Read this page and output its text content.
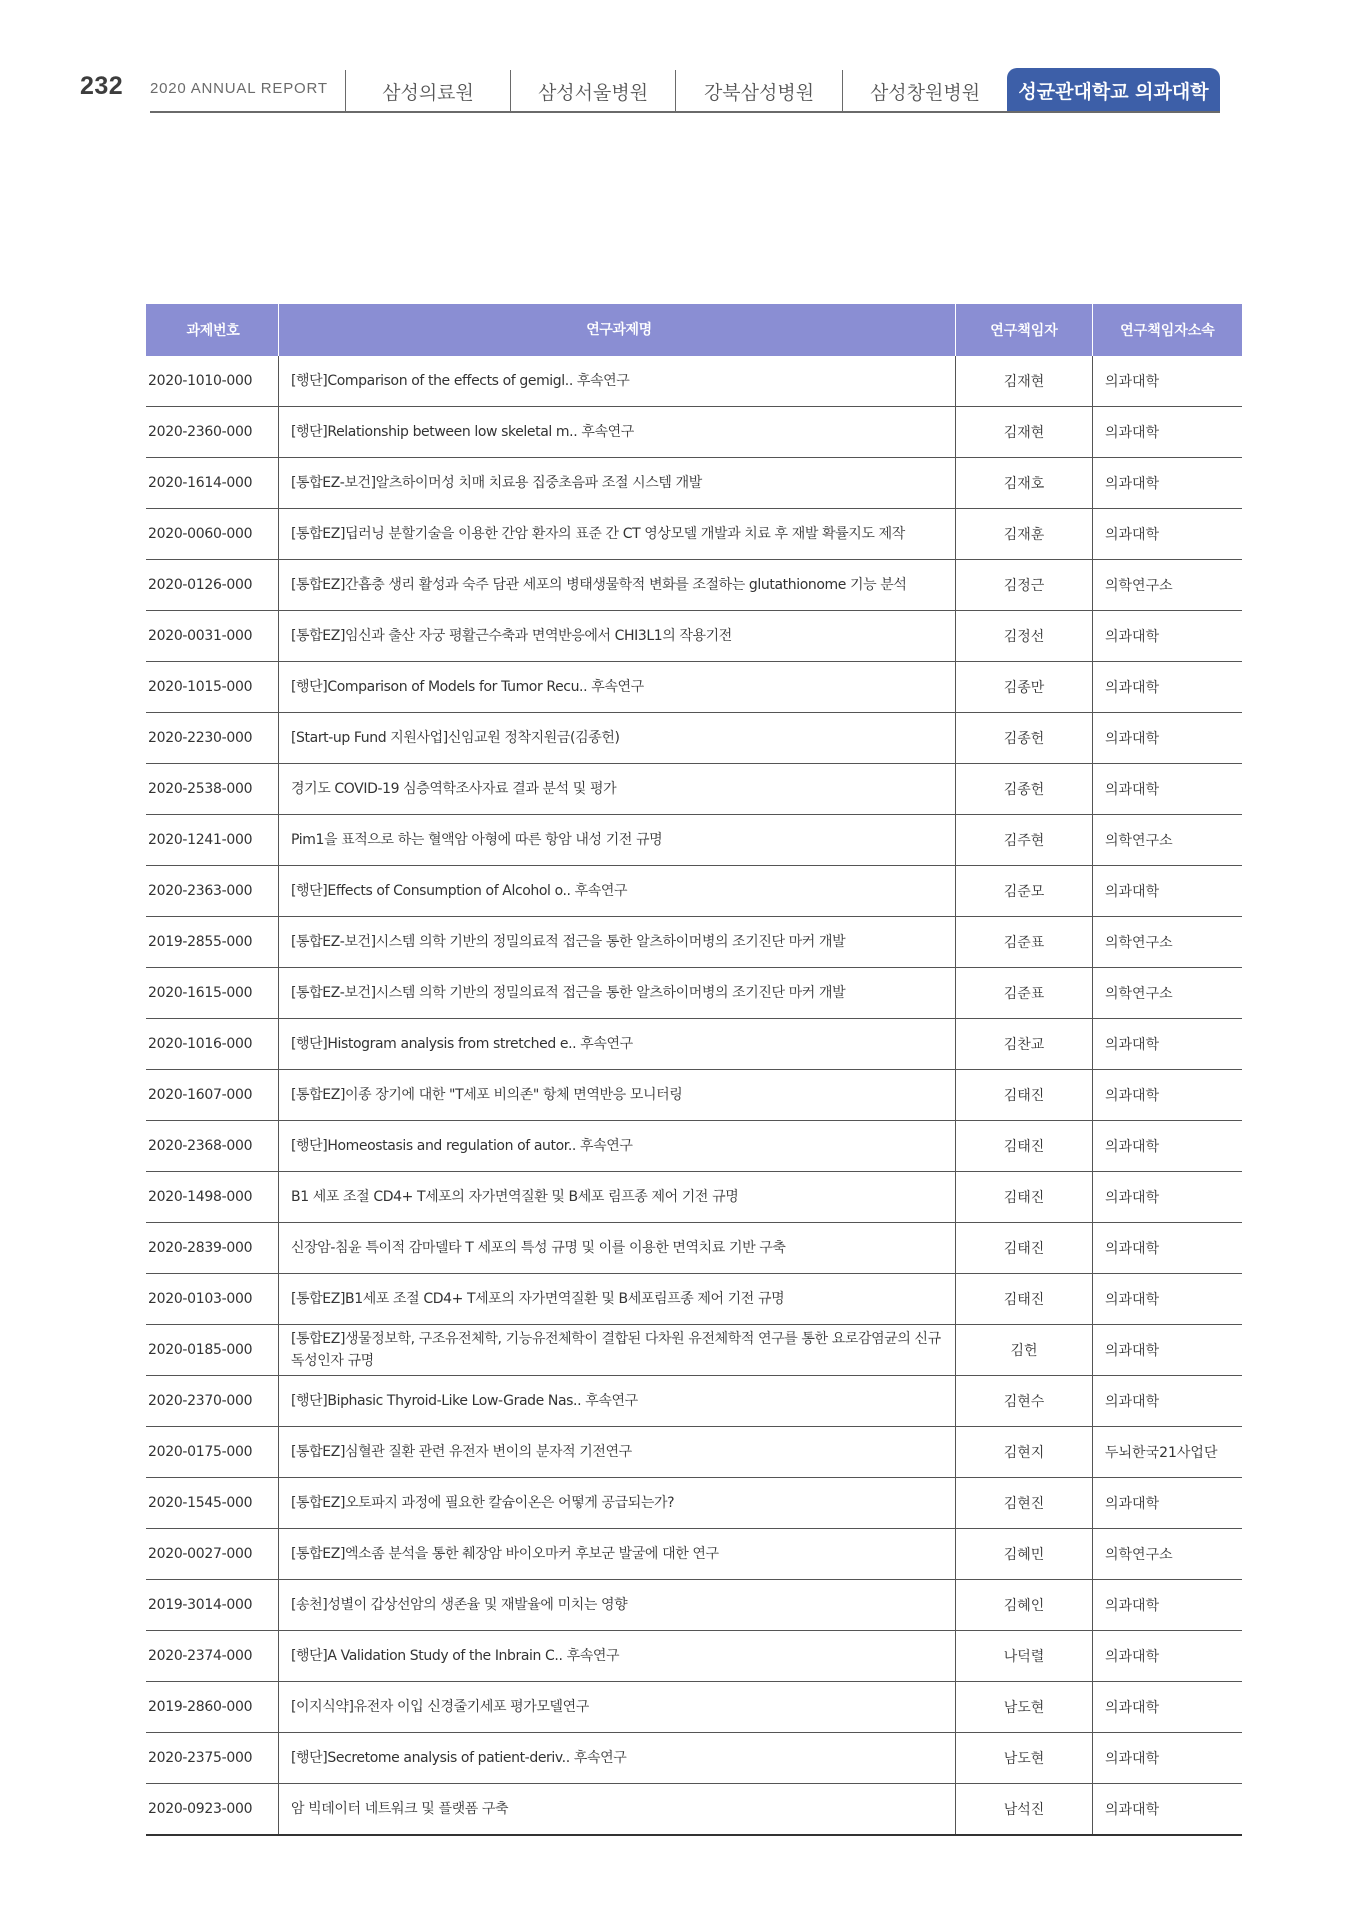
232 2020 ANNUAL REPORT	삼성의료원	삼성서울병원	강북삼성병원	삼성창원병원	성균관대학교 의과대학
과제번호	연구과제명	연구책임자	연구책임자소속
2020-1010-000	[행단]Comparison of the effects of gemigl.. 후속연구	김재현	의과대학
2020-2360-000	[행단]Relationship between low skeletal m.. 후속연구	김재현	의과대학
2020-1614-000	[통합EZ-보건]알츠하이머성 치매 치료용 집중초음파 조절 시스템 개발	김재호	의과대학
2020-0060-000	[통합EZ]딥러닝 분할기술을 이용한 간암 환자의 표준 간 CT 영상모델 개발과 치료 후 재발 확률지도 제작	김재훈	의과대학
2020-0126-000	[통합EZ]간흡충 생리 활성과 숙주 담관 세포의 병태생물학적 변화를 조절하는 glutathionome 기능 분석	김정근	의학연구소
2020-0031-000	[통합EZ]임신과 출산 자궁 평활근수축과 면역반응에서 CHI3L1의 작용기전	김정선	의과대학
2020-1015-000	[행단]Comparison of Models for Tumor Recu.. 후속연구	김종만	의과대학
2020-2230-000	[Start-up Fund 지원사업]신임교원 정착지원금(김종헌)	김종헌	의과대학
2020-2538-000	경기도 COVID-19 심층역학조사자료 결과 분석 및 평가	김종헌	의과대학
2020-1241-000	Pim1을 표적으로 하는 혈액암 아형에 따른 항암 내성 기전 규명	김주현	의학연구소
2020-2363-000	[행단]Effects of Consumption of Alcohol o.. 후속연구	김준모	의과대학
2019-2855-000	[통합EZ-보건]시스템 의학 기반의 정밀의료적 접근을 통한 알츠하이머병의 조기진단 마커 개발	김준표	의학연구소
2020-1615-000	[통합EZ-보건]시스템 의학 기반의 정밀의료적 접근을 통한 알츠하이머병의 조기진단 마커 개발	김준표	의학연구소
2020-1016-000	[행단]Histogram analysis from stretched e.. 후속연구	김찬교	의과대학
2020-1607-000	[통합EZ]이종 장기에 대한 "T세포 비의존" 항체 면역반응 모니터링	김태진	의과대학
2020-2368-000	[행단]Homeostasis and regulation of autor.. 후속연구	김태진	의과대학
2020-1498-000	B1 세포 조절 CD4+ T세포의 자가면역질환 및 B세포 림프종 제어 기전 규명	김태진	의과대학
2020-2839-000	신장암-침윤 특이적 감마델타 T 세포의 특성 규명 및 이를 이용한 면역치료 기반 구축	김태진	의과대학
2020-0103-000	[통합EZ]B1세포 조절 CD4+ T세포의 자가면역질환 및 B세포림프종 제어 기전 규명	김태진	의과대학
2020-0185-000	[통합EZ]생물정보학, 구조유전체학, 기능유전체학이 결합된 다차원 유전체학적 연구를 통한 요로감염균의 신규 독성인자 규명	김헌	의과대학
2020-2370-000	[행단]Biphasic Thyroid-Like Low-Grade Nas.. 후속연구	김현수	의과대학
2020-0175-000	[통합EZ]심혈관 질환 관련 유전자 변이의 분자적 기전연구	김현지	두뇌한국21사업단
2020-1545-000	[통합EZ]오토파지 과정에 필요한 칼슘이온은 어떻게 공급되는가?	김현진	의과대학
2020-0027-000	[통합EZ]엑소좀 분석을 통한 췌장암 바이오마커 후보군 발굴에 대한 연구	김혜민	의학연구소
2019-3014-000	[송천]성별이 갑상선암의 생존율 및 재발율에 미치는 영향	김혜인	의과대학
2020-2374-000	[행단]A Validation Study of the Inbrain C.. 후속연구	나덕렬	의과대학
2019-2860-000	[이지식약]유전자 이입 신경줄기세포 평가모델연구	남도현	의과대학
2020-2375-000	[행단]Secretome analysis of patient-deriv.. 후속연구	남도현	의과대학
2020-0923-000	암 빅데이터 네트워크 및 플랫폼 구축	남석진	의과대학
